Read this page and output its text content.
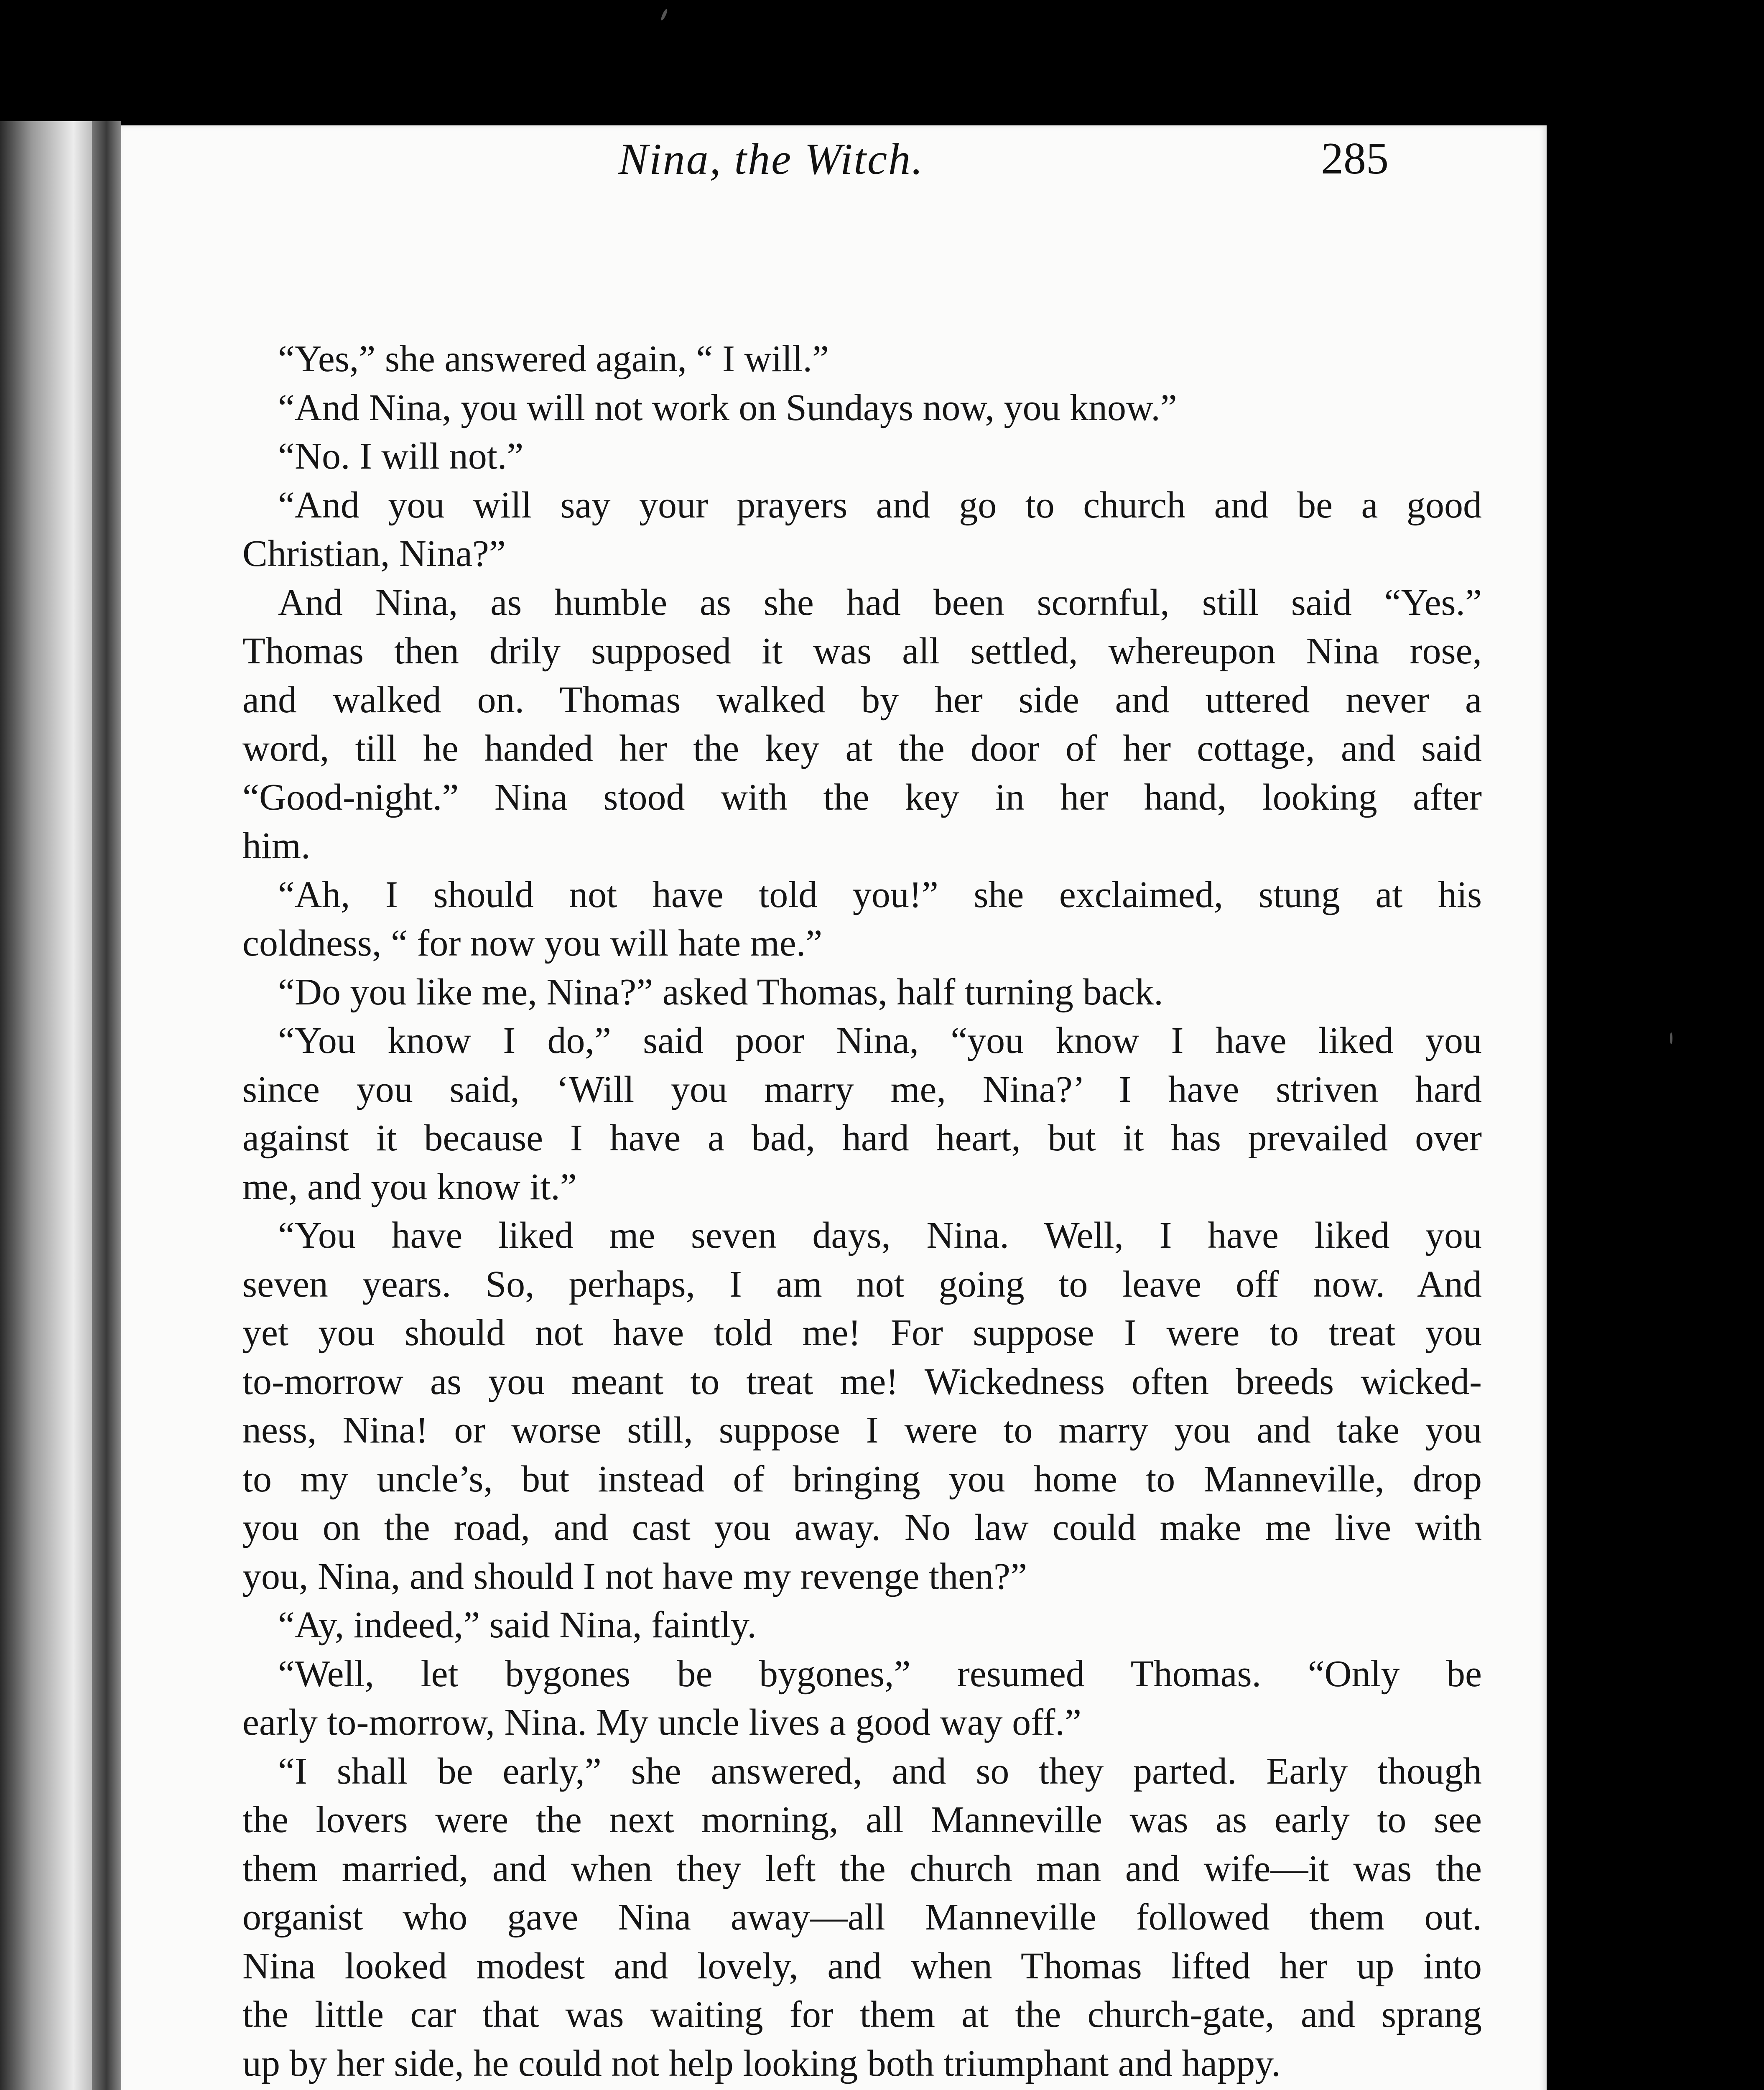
Nina, the Witch.	285
“Yes,” she answered again, “ I will.”
“And Nina, you will not work on Sundays now, you know.”
“No. I will not.”
“And you will say your prayers and go to church and be a good
Christian, Nina?”
And Nina, as humble as she had been scornful, still said “Yes.”
Thomas then drily supposed it was all settled, whereupon Nina rose,
and walked on. Thomas walked by her side and uttered never a
word, till he handed her the key at the door of her cottage, and said
“Good-night.” Nina stood with the key in her hand, looking after
him.
“Ah, I should not have told you!” she exclaimed, stung at his
coldness, “ for now you will hate me.”
“Do you like me, Nina?” asked Thomas, half turning back.
“You know I do,” said poor Nina, “you know I have liked you
since you said, ‘Will you marry me, Nina?’ I have striven hard
against it because I have a bad, hard heart, but it has prevailed over
me, and you know it.”
“You have liked me seven days, Nina. Well, I have liked you
seven years. So, perhaps, I am not going to leave off now. And
yet you should not have told me! For suppose I were to treat you
to-morrow as you meant to treat me! Wickedness often breeds wicked-
ness, Nina! or worse still, suppose I were to marry you and take you
to my uncle’s, but instead of bringing you home to Manneville, drop
you on the road, and cast you away. No law could make me live with
you, Nina, and should I not have my revenge then?”
“Ay, indeed,” said Nina, faintly.
“Well, let bygones be bygones,” resumed Thomas. “Only be
early to-morrow, Nina. My uncle lives a good way off.”
“I shall be early,” she answered, and so they parted. Early though
the lovers were the next morning, all Manneville was as early to see
them married, and when they left the church man and wife—it was the
organist who gave Nina away—all Manneville followed them out.
Nina looked modest and lovely, and when Thomas lifted her up into
the little car that was waiting for them at the church-gate, and sprang
up by her side, he could not help looking both triumphant and happy.
